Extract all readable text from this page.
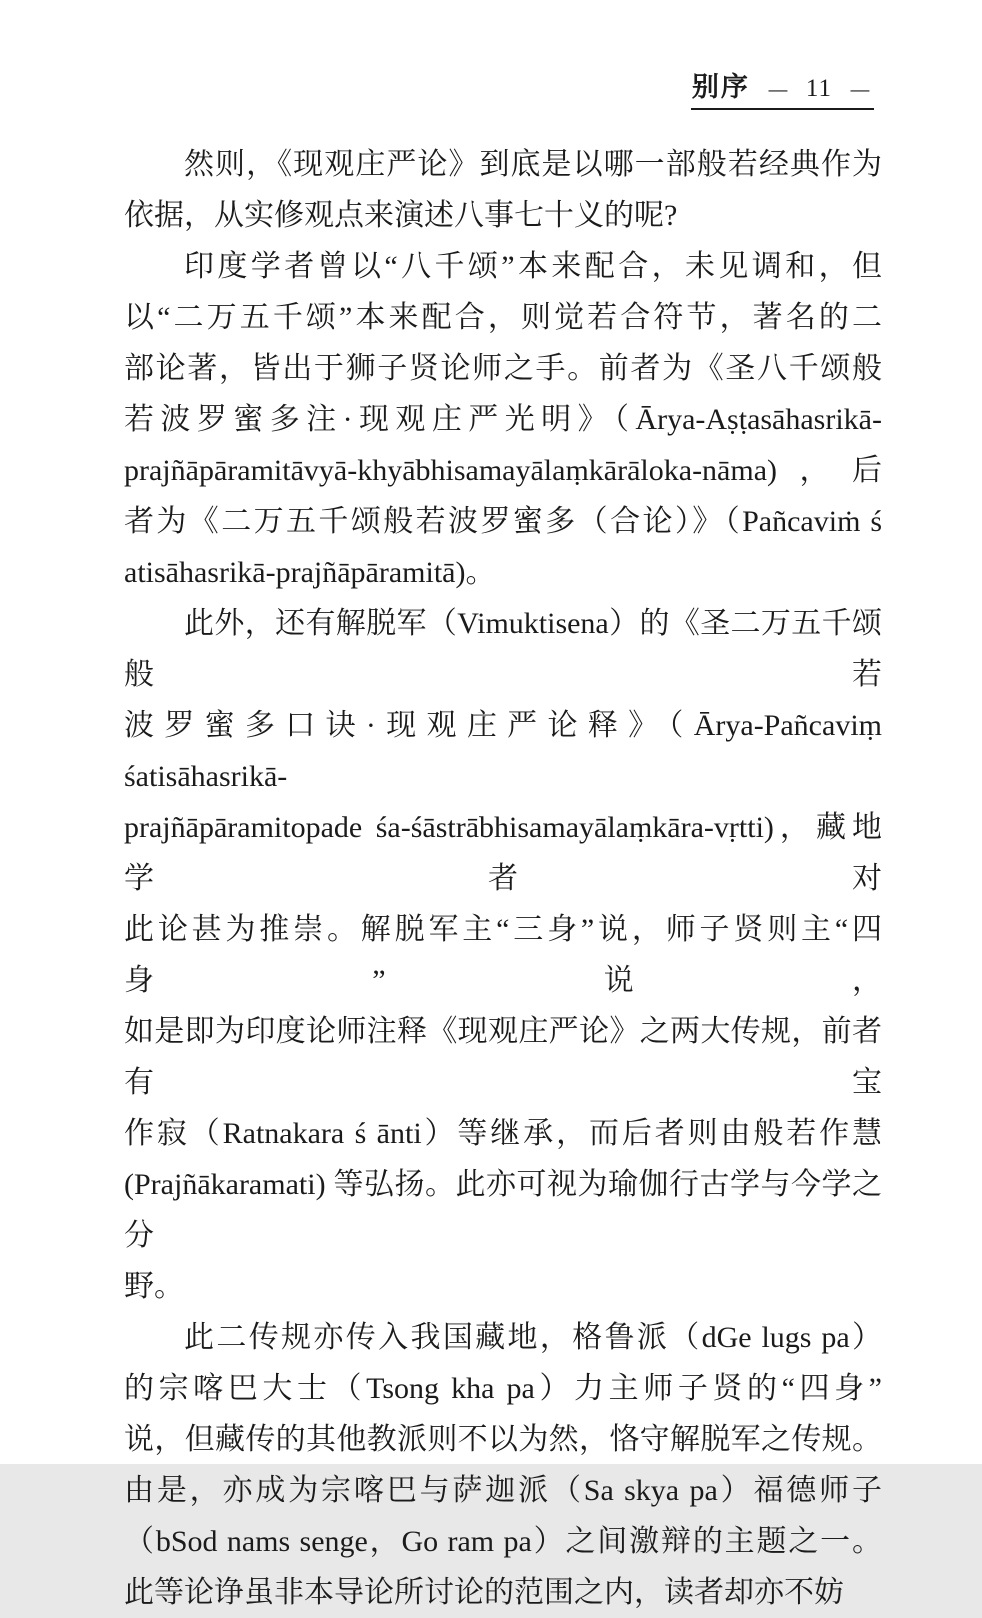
别序 — 11 —
然则，《现观庄严论》到底是以哪一部般若经典作为
依据，从实修观点来演述八事七十义的呢?
印度学者曾以“八千颂”本来配合，未见调和，但
以“二万五千颂”本来配合，则觉若合符节，著名的二
部论著，皆出于狮子贤论师之手。前者为《圣八千颂般
若波罗蜜多注·现观庄严光明》（Ārya-Aṣṭasāhasrikā-
prajñāpāramitāvyā-khyābhisamayālaṃkārāloka-nāma)，后
者为《二万五千颂般若波罗蜜多（合论）》（Pañcaviṁ ś
atisāhasrikā-prajñāpāramitā)。
此外，还有解脱军（Vimuktisena）的《圣二万五千颂般若
波罗蜜多口诀·现观庄严论释》（Ārya-Pañcaviṃ śatisāhasrikā-
prajñāpāramitopade śa-śāstrābhisamayālaṃkāra-vṛtti)，藏地学者对
此论甚为推崇。解脱军主“三身”说，师子贤则主“四身”说，
如是即为印度论师注释《现观庄严论》之两大传规，前者有宝
作寂（Ratnakara ś ānti）等继承，而后者则由般若作慧
(Prajñākaramati) 等弘扬。此亦可视为瑜伽行古学与今学之分
野。
此二传规亦传入我国藏地，格鲁派（dGe lugs pa）
的宗喀巴大士（Tsong kha pa）力主师子贤的“四身”
说，但藏传的其他教派则不以为然，恪守解脱军之传规。
由是，亦成为宗喀巴与萨迦派（Sa skya pa）福德师子
（bSod nams senge，Go ram pa）之间激辩的主题之一。
此等论诤虽非本导论所讨论的范围之内，读者却亦不妨
